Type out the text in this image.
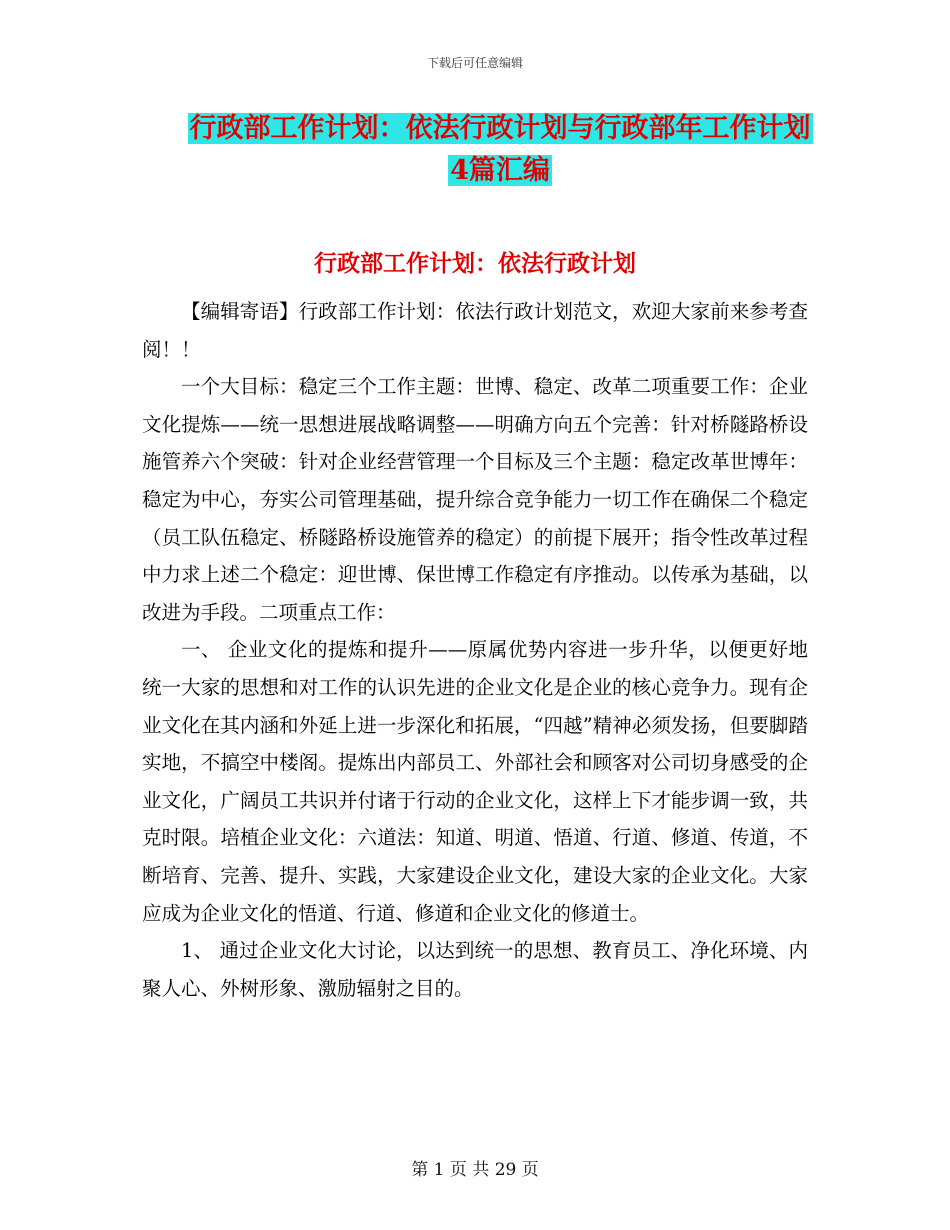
下载后可任意编辑
行政部工作计划：依法行政计划与行政部年工作计划
4篇汇编
行政部工作计划：依法行政计划

【编辑寄语】行政部工作计划：依法行政计划范文，欢迎大家前来参考查阅！！

一个大目标：稳定三个工作主题：世博、稳定、改革二项重要工作：企业文化提炼——统一思想进展战略调整——明确方向五个完善：针对桥隧路桥设施管养六个突破：针对企业经营管理一个目标及三个主题：稳定改革世博年：稳定为中心，夯实公司管理基础，提升综合竞争能力一切工作在确保二个稳定（员工队伍稳定、桥隧路桥设施管养的稳定）的前提下展开；指令性改革过程中力求上述二个稳定：迎世博、保世博工作稳定有序推动。以传承为基础，以改进为手段。二项重点工作：

一、 企业文化的提炼和提升——原属优势内容进一步升华，以便更好地统一大家的思想和对工作的认识先进的企业文化是企业的核心竞争力。现有企业文化在其内涵和外延上进一步深化和拓展，“四越”精神必须发扬，但要脚踏实地，不搞空中楼阁。提炼出内部员工、外部社会和顾客对公司切身感受的企业文化，广阔员工共识并付诸于行动的企业文化，这样上下才能步调一致，共克时限。培植企业文化：六道法：知道、明道、悟道、行道、修道、传道，不断培育、完善、提升、实践，大家建设企业文化，建设大家的企业文化。大家应成为企业文化的悟道、行道、修道和企业文化的修道士。

1、 通过企业文化大讨论，以达到统一的思想、教育员工、净化环境、内聚人心、外树形象、激励辐射之目的。

第 1 页 共 29 页
